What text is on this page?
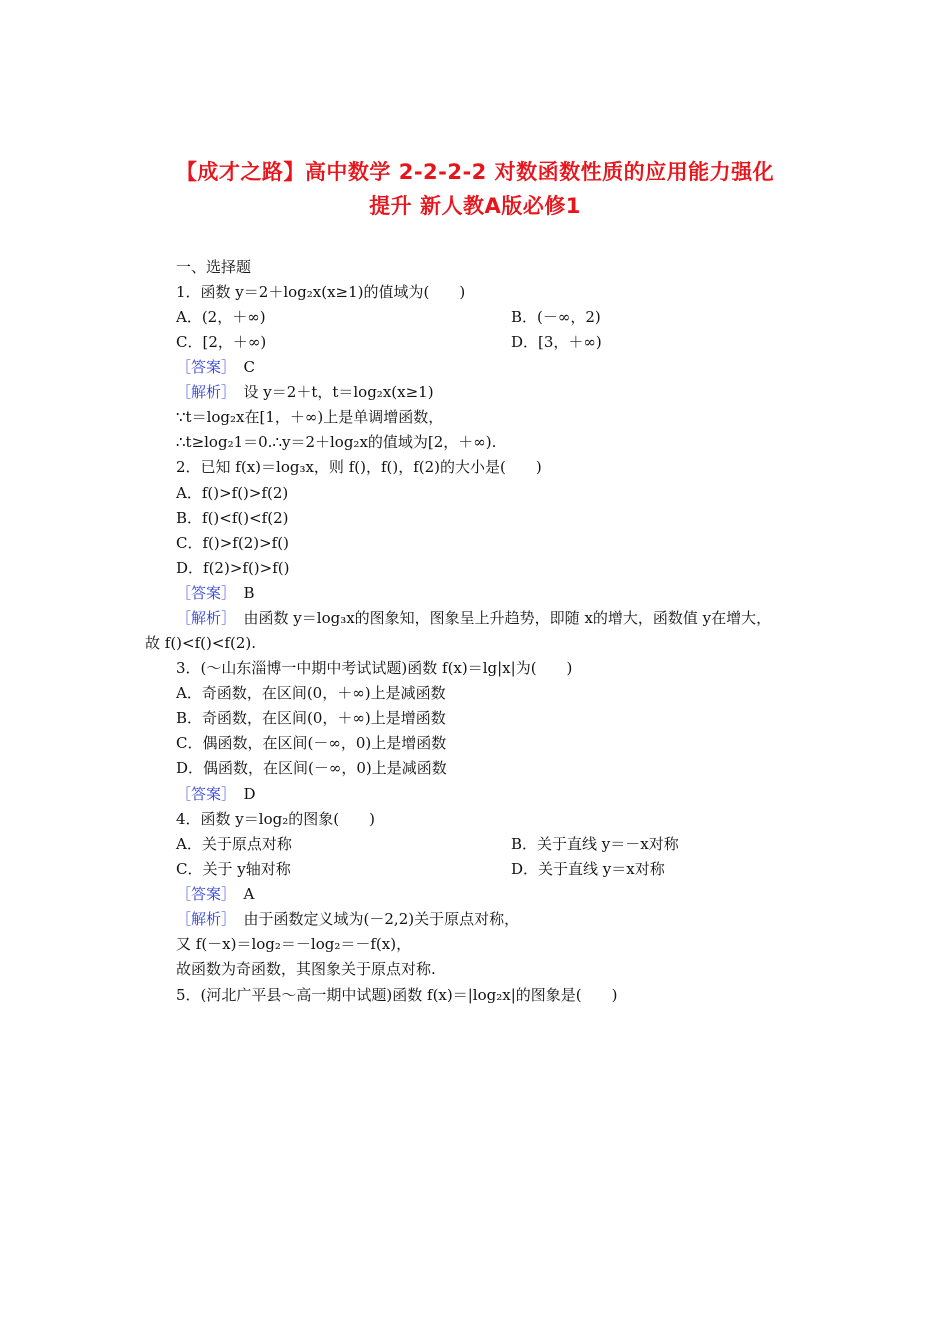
【成才之路】高中数学 2-2-2-2 对数函数性质的应用能力强化
提升 新人教A版必修1
一、选择题
1．函数 y＝2＋log₂x(x≥1)的值域为(　　)
A．(2，＋∞)	B．(－∞，2)
C．[2，＋∞)	D．[3，＋∞)
［答案］　 C
［解析］　 设 y＝2＋t，t＝log₂x(x≥1)
∵t＝log₂x在[1，＋∞)上是单调增函数，
∴t≥log₂1＝0.∴y＝2＋log₂x的值域为[2，＋∞).
2．已知 f(x)＝log₃x，则 f()，f()，f(2)的大小是(　　)
A．f()>f()>f(2)
B．f()<f()<f(2)
C．f()>f(2)>f()
D．f(2)>f()>f()
［答案］　 B
［解析］　 由函数 y＝log₃x的图象知，图象呈上升趋势，即随 x的增大，函数值 y在增大，
故 f()<f()<f(2).
3．(～山东淄博一中期中考试试题)函数 f(x)＝lg|x|为(　　)
A．奇函数，在区间(0，＋∞)上是减函数
B．奇函数，在区间(0，＋∞)上是增函数
C．偶函数，在区间(－∞，0)上是增函数
D．偶函数，在区间(－∞，0)上是减函数
［答案］　 D
4．函数 y＝log₂的图象(　　)
A．关于原点对称	B．关于直线 y＝－x对称
C．关于 y轴对称	D．关于直线 y＝x对称
［答案］　 A
［解析］　 由于函数定义域为(－2,2)关于原点对称，
又 f(－x)＝log₂＝－log₂＝－f(x)，
故函数为奇函数，其图象关于原点对称.
5．(河北广平县～高一期中试题)函数 f(x)＝|log₂x|的图象是(　　)
